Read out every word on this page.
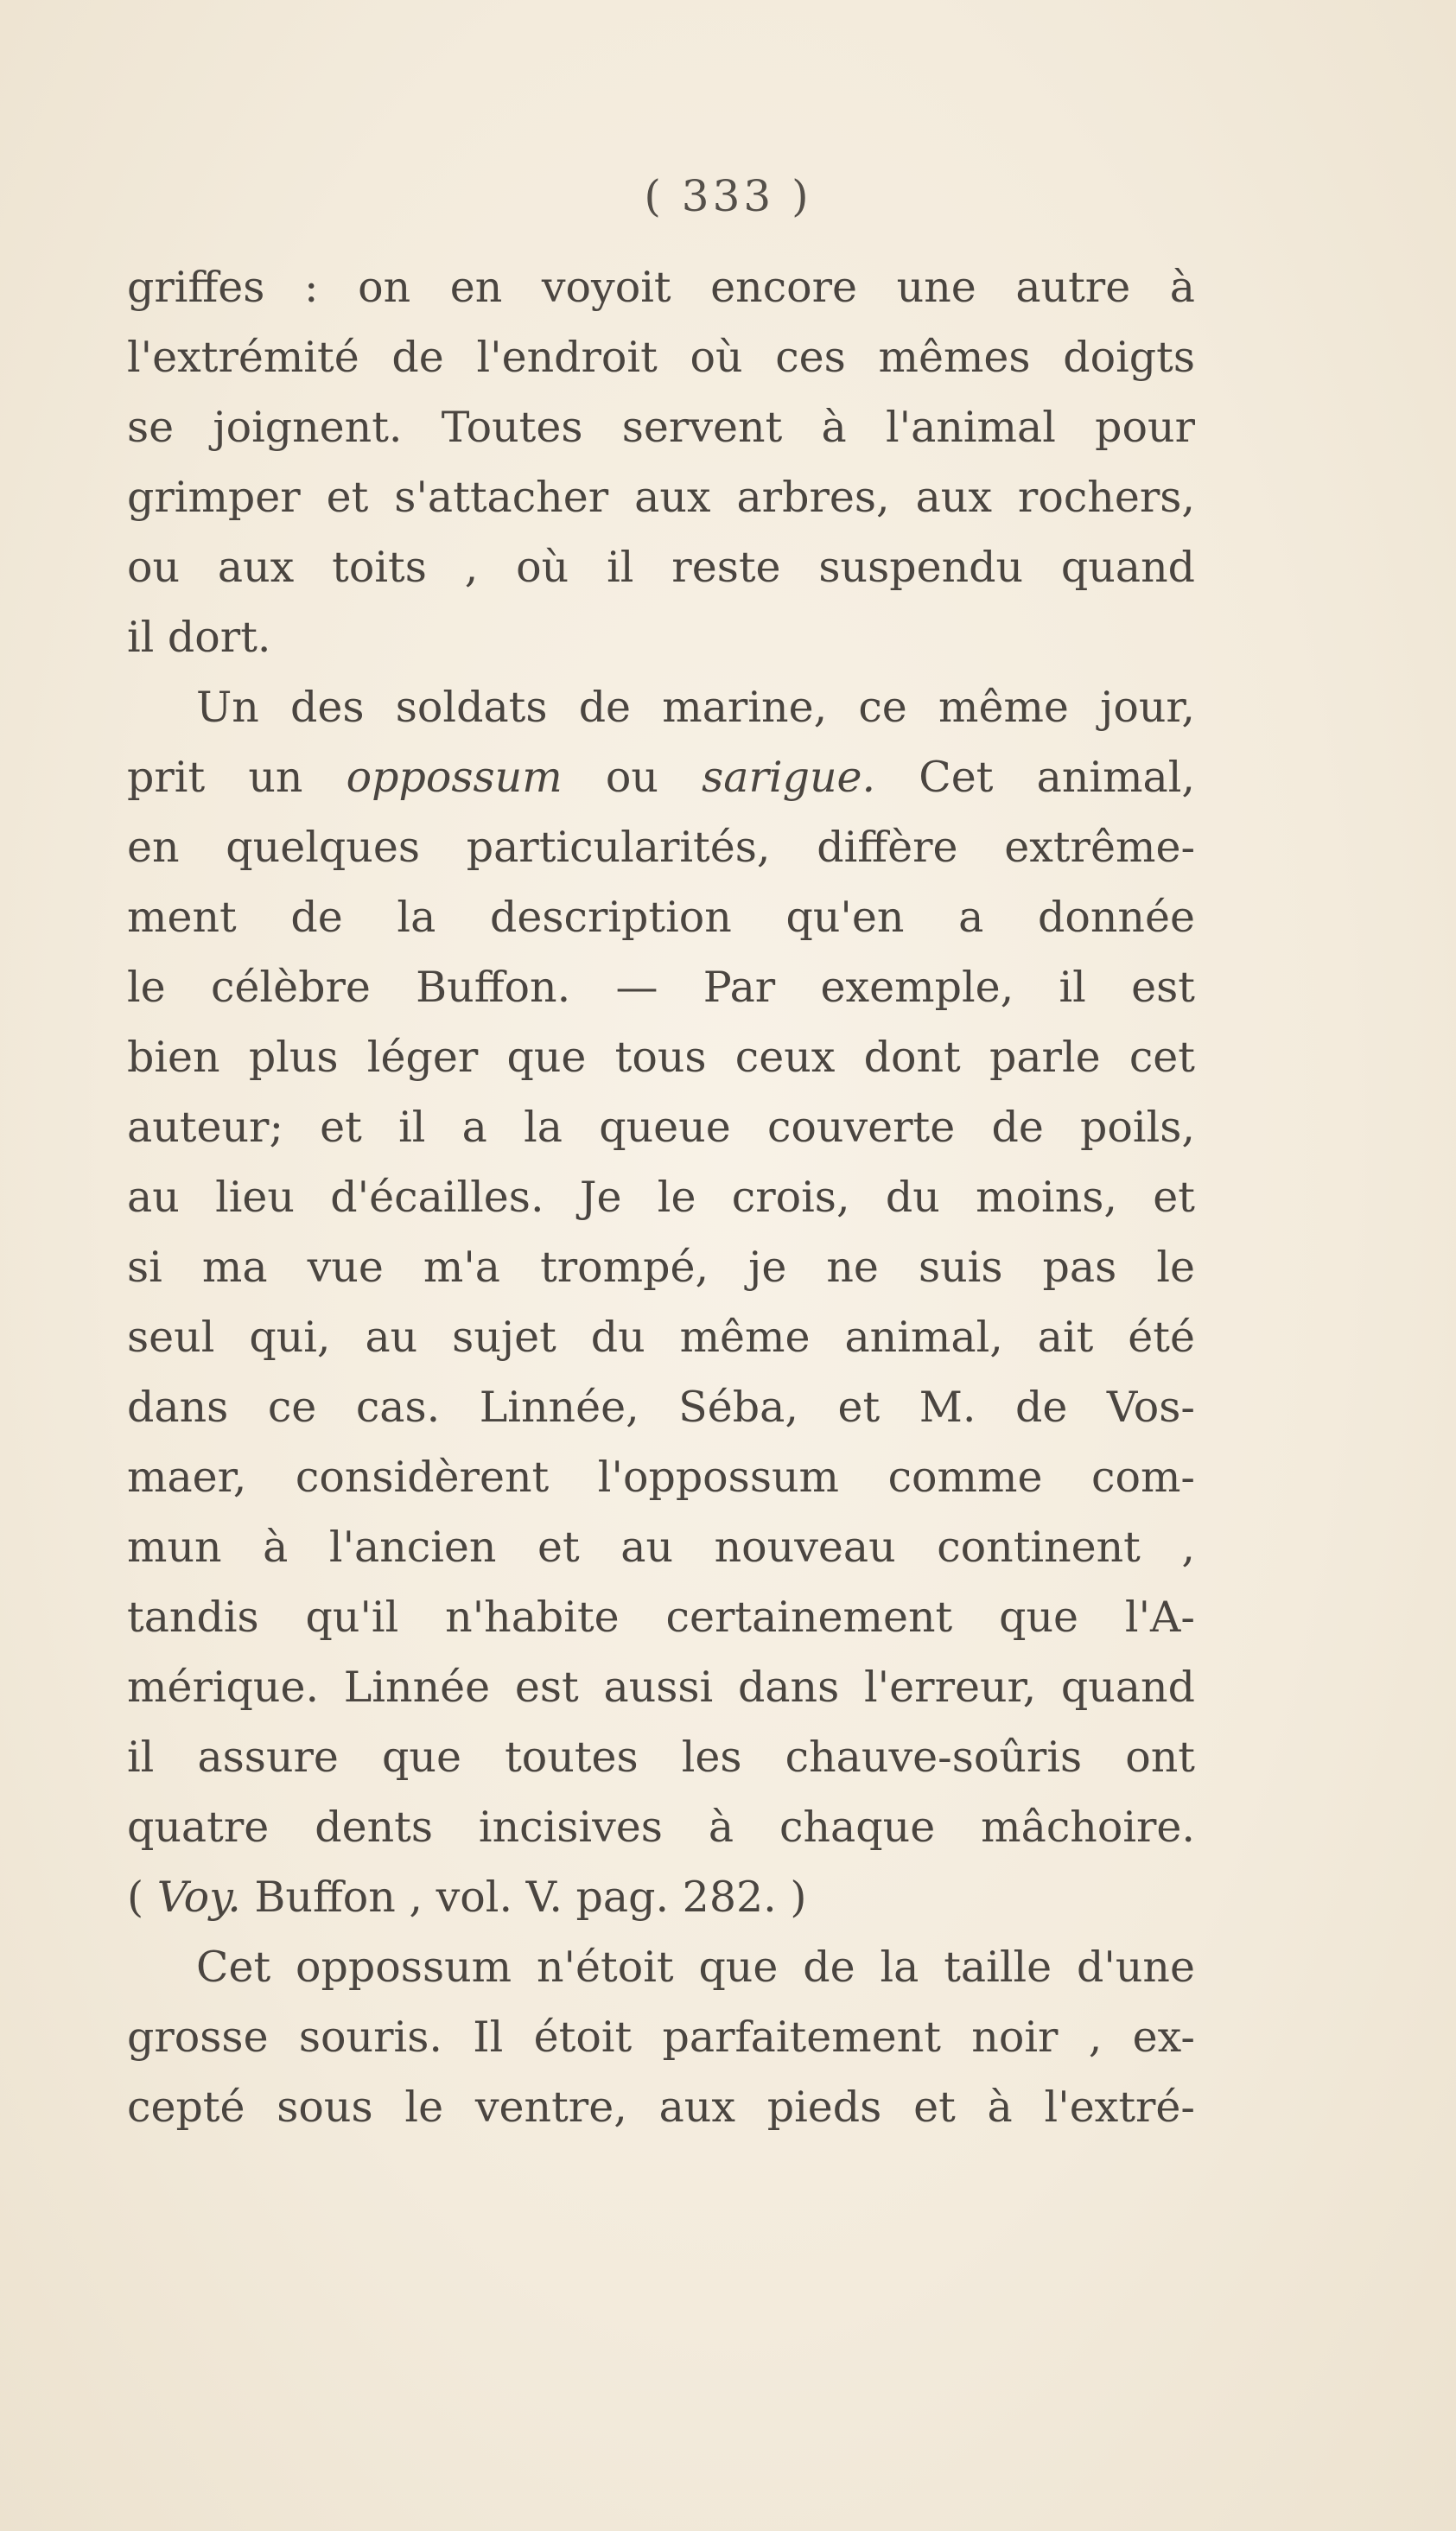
( 333 )
griffes : on en voyoit encore une autre à
l'extrémité de l'endroit où ces mêmes doigts
se joignent. Toutes servent à l'animal pour
grimper et s'attacher aux arbres, aux rochers,
ou aux toits , où il reste suspendu quand
il dort.
Un des soldats de marine, ce même jour,
prit un oppossum ou sarigue. Cet animal,
en quelques particularités, diffère extrême-
ment de la description qu'en a donnée
le célèbre Buffon. — Par exemple, il est
bien plus léger que tous ceux dont parle cet
auteur; et il a la queue couverte de poils,
au lieu d'écailles. Je le crois, du moins, et
si ma vue m'a trompé, je ne suis pas le
seul qui, au sujet du même animal, ait été
dans ce cas. Linnée, Séba, et M. de Vos-
maer, considèrent l'oppossum comme com-
mun à l'ancien et au nouveau continent ,
tandis qu'il n'habite certainement que l'A-
mérique. Linnée est aussi dans l'erreur, quand
il assure que toutes les chauve-soûris ont
quatre dents incisives à chaque mâchoire.
( Voy. Buffon , vol. V. pag. 282. )
Cet oppossum n'étoit que de la taille d'une
grosse souris. Il étoit parfaitement noir , ex-
cepté sous le ventre, aux pieds et à l'extré-
